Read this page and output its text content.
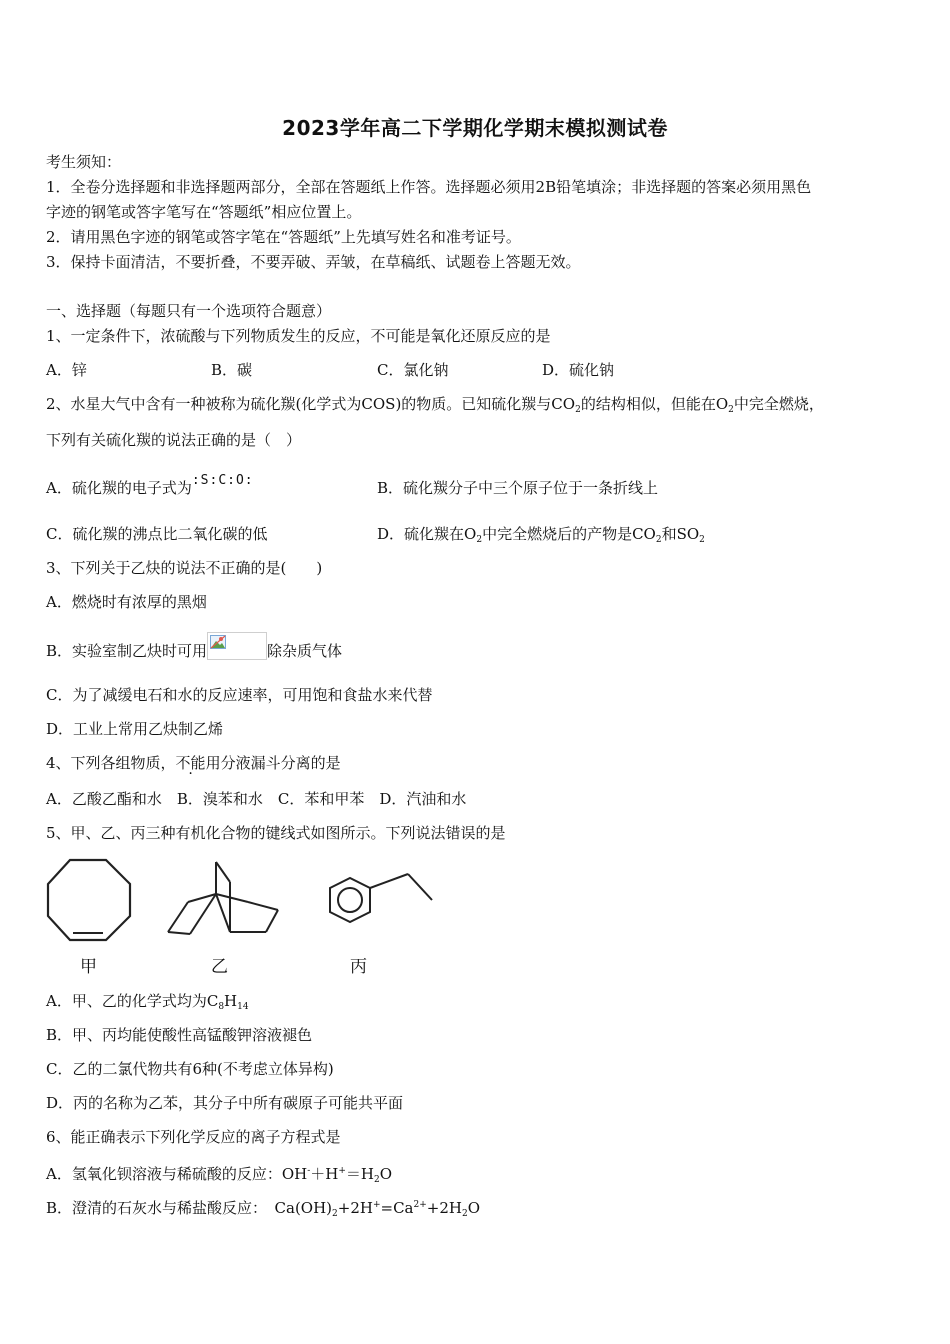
2023学年高二下学期化学期末模拟测试卷
考生须知：
1．全卷分选择题和非选择题两部分，全部在答题纸上作答。选择题必须用2B铅笔填涂；非选择题的答案必须用黑色
字迹的钢笔或答字笔写在“答题纸”相应位置上。
2．请用黑色字迹的钢笔或答字笔在“答题纸”上先填写姓名和准考证号。
3．保持卡面清洁，不要折叠，不要弄破、弄皱，在草稿纸、试题卷上答题无效。
一、选择题（每题只有一个选项符合题意）
1、一定条件下，浓硫酸与下列物质发生的反应，不可能是氧化还原反应的是
A．锌	B．碳	C．氯化钠	D．硫化钠
2、水星大气中含有一种被称为硫化羰(化学式为COS)的物质。已知硫化羰与$CO_2$的结构相似，但能在$O_2$中完全燃烧，
下列有关硫化羰的说法正确的是（　）
A．硫化羰的电子式为:S:C:O:	B．硫化羰分子中三个原子位于一条折线上
C．硫化羰的沸点比二氧化碳的低	D．硫化羰在$O_2$中完全燃烧后的产物是$CO_2$和$SO_2$
3、下列关于乙炔的说法不正确的是(　　)
A．燃烧时有浓厚的黑烟
B．实验室制乙炔时可用	除杂质气体
C．为了减缓电石和水的反应速率，可用饱和食盐水来代替
D．工业上常用乙炔制乙烯
4、下列各组物质，不能用分液漏斗分离的是
A．乙酸乙酯和水　B．溴苯和水　C．苯和甲苯　D．汽油和水
5、甲、乙、丙三种有机化合物的键线式如图所示。下列说法错误的是
甲	乙	丙
A．甲、乙的化学式均为$C_8H_{14}$
B．甲、丙均能使酸性高锰酸钾溶液褪色
C．乙的二氯代物共有6种(不考虑立体异构)
D．丙的名称为乙苯，其分子中所有碳原子可能共平面
6、能正确表示下列化学反应的离子方程式是
A．氢氧化钡溶液与稀硫酸的反应：$OH^-+H^+=H_2O$
B．澄清的石灰水与稀盐酸反应：　$Ca(OH)_2+2H^+=Ca^{2+}+2H_2O$
